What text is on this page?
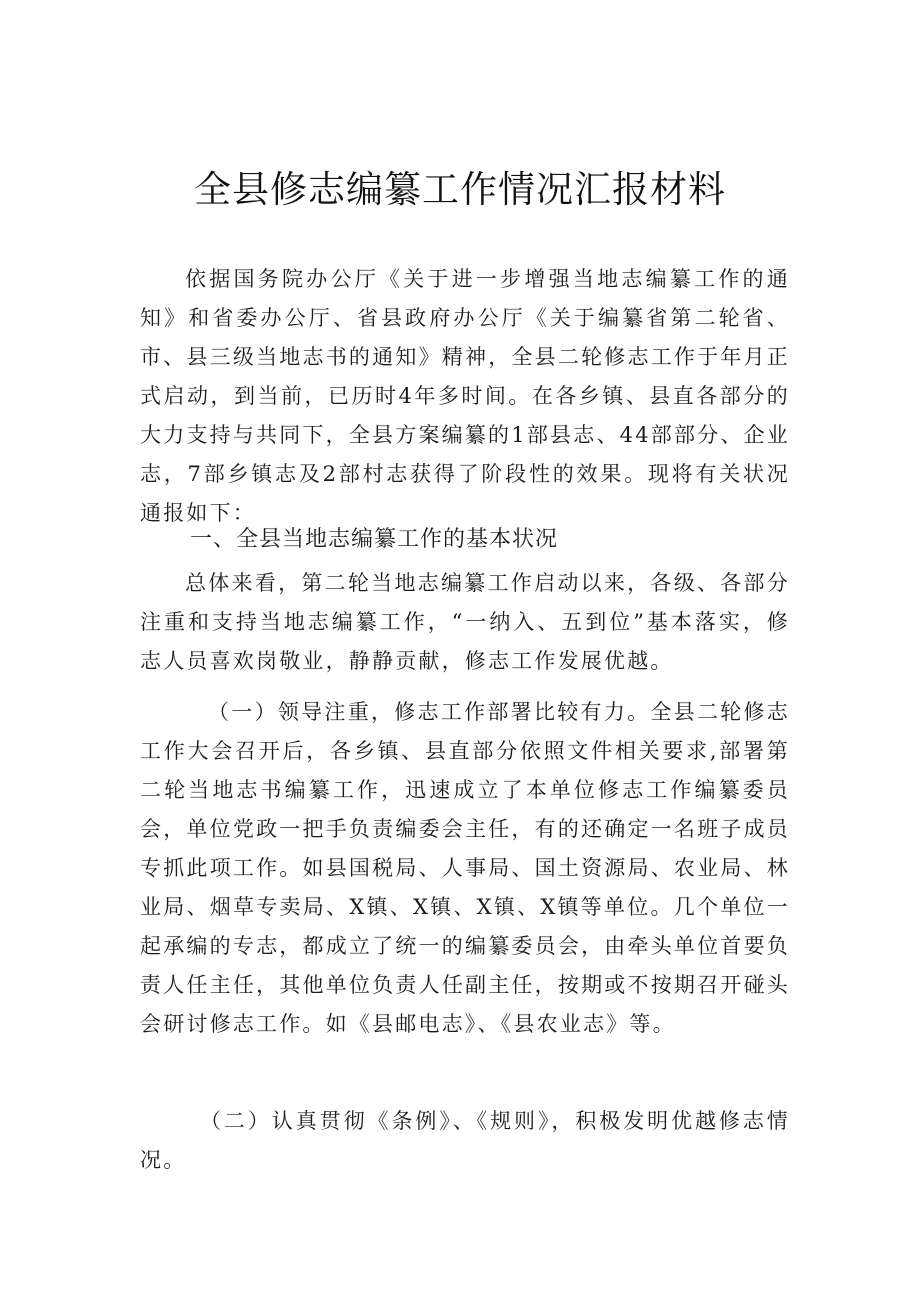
全县修志编纂工作情况汇报材料

依据国务院办公厅《关于进一步增强当地志编纂工作的通知》和省委办公厅、省县政府办公厅《关于编纂省第二轮省、市、县三级当地志书的通知》精神，全县二轮修志工作于年月正式启动，到当前，已历时4年多时间。在各乡镇、县直各部分的大力支持与共同下，全县方案编纂的1部县志、44部部分、企业志，7部乡镇志及2部村志获得了阶段性的效果。现将有关状况通报如下：

一、全县当地志编纂工作的基本状况

总体来看，第二轮当地志编纂工作启动以来，各级、各部分注重和支持当地志编纂工作，“一纳入、五到位”基本落实，修志人员喜欢岗敬业，静静贡献，修志工作发展优越。

（一）领导注重，修志工作部署比较有力。全县二轮修志工作大会召开后，各乡镇、县直部分依照文件相关要求,部署第二轮当地志书编纂工作，迅速成立了本单位修志工作编纂委员会，单位党政一把手负责编委会主任，有的还确定一名班子成员专抓此项工作。如县国税局、人事局、国土资源局、农业局、林业局、烟草专卖局、X镇、X镇、X镇、X镇等单位。几个单位一起承编的专志，都成立了统一的编纂委员会，由牵头单位首要负责人任主任，其他单位负责人任副主任，按期或不按期召开碰头会研讨修志工作。如《县邮电志》、《县农业志》等。

（二）认真贯彻《条例》、《规则》，积极发明优越修志情况。
